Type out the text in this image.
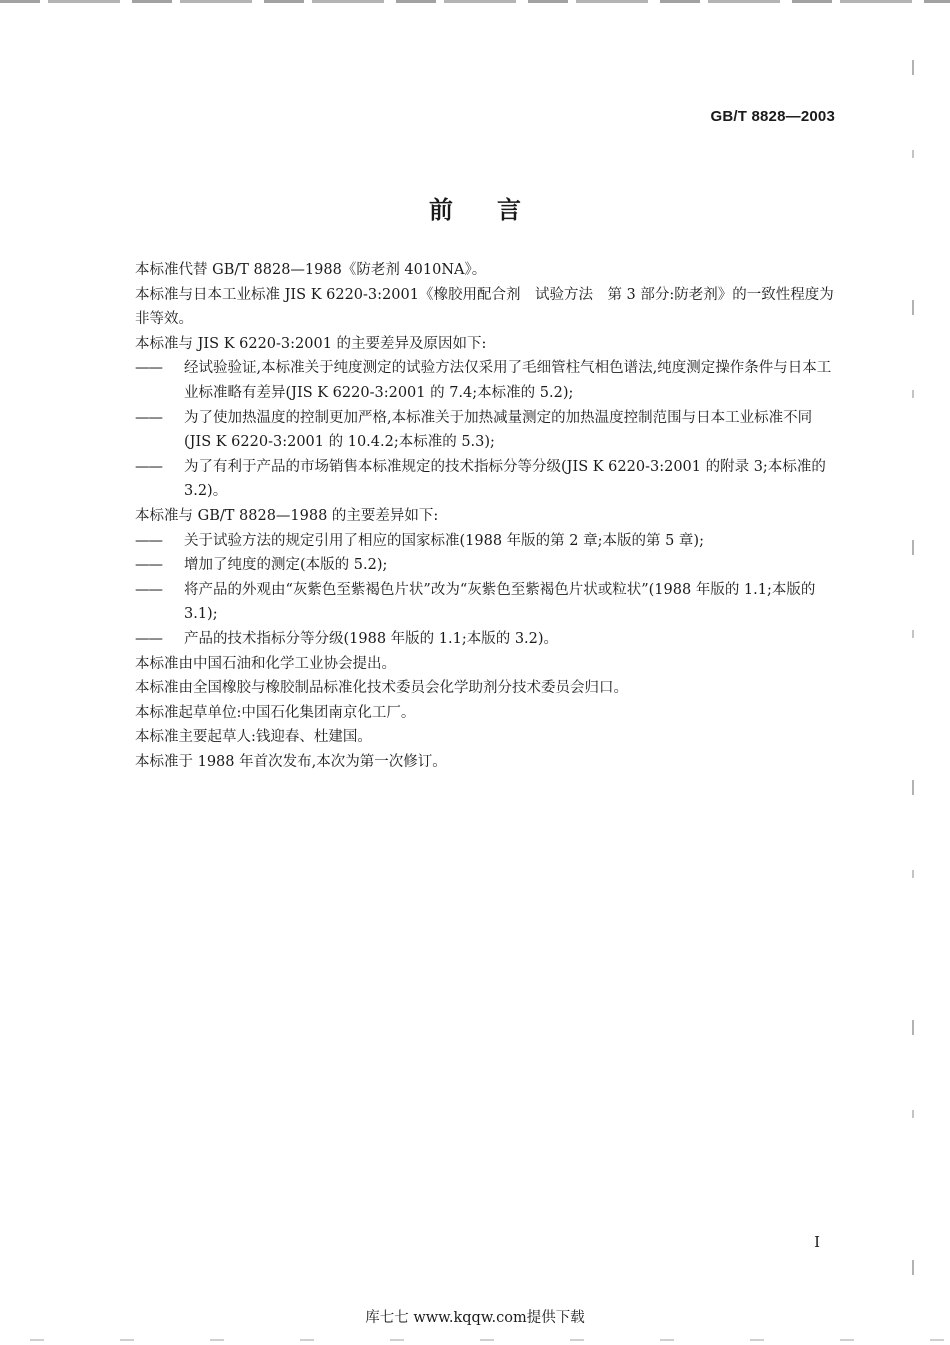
GB/T 8828—2003
前 言

本标准代替 GB/T 8828—1988《防老剂 4010NA》。

本标准与日本工业标准 JIS K 6220-3:2001《橡胶用配合剂　试验方法　第 3 部分:防老剂》的一致性程度为非等效。

本标准与 JIS K 6220-3:2001 的主要差异及原因如下:

—— 经试验验证,本标准关于纯度测定的试验方法仅采用了毛细管柱气相色谱法,纯度测定操作条件与日本工业标准略有差异(JIS K 6220-3:2001 的 7.4;本标准的 5.2);

—— 为了使加热温度的控制更加严格,本标准关于加热减量测定的加热温度控制范围与日本工业标准不同(JIS K 6220-3:2001 的 10.4.2;本标准的 5.3);

—— 为了有利于产品的市场销售本标准规定的技术指标分等分级(JIS K 6220-3:2001 的附录 3;本标准的 3.2)。

本标准与 GB/T 8828—1988 的主要差异如下:

—— 关于试验方法的规定引用了相应的国家标准(1988 年版的第 2 章;本版的第 5 章);

—— 增加了纯度的测定(本版的 5.2);

—— 将产品的外观由“灰紫色至紫褐色片状”改为“灰紫色至紫褐色片状或粒状”(1988 年版的 1.1;本版的 3.1);

—— 产品的技术指标分等分级(1988 年版的 1.1;本版的 3.2)。

本标准由中国石油和化学工业协会提出。

本标准由全国橡胶与橡胶制品标准化技术委员会化学助剂分技术委员会归口。

本标准起草单位:中国石化集团南京化工厂。

本标准主要起草人:钱迎春、杜建国。

本标准于 1988 年首次发布,本次为第一次修订。

I
库七七 www.kqqw.com提供下载
